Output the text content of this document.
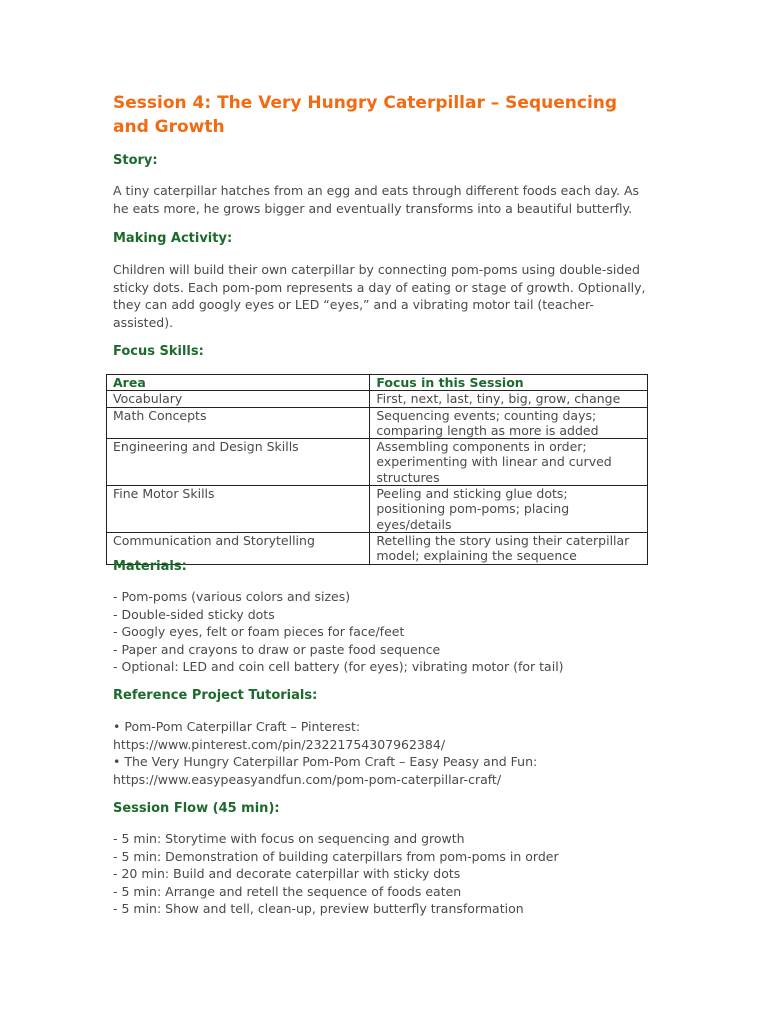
Session 4: The Very Hungry Caterpillar – Sequencing
and Growth
Story:
A tiny caterpillar hatches from an egg and eats through different foods each day. As
he eats more, he grows bigger and eventually transforms into a beautiful butterfly.
Making Activity:
Children will build their own caterpillar by connecting pom-poms using double-sided
sticky dots. Each pom-pom represents a day of eating or stage of growth. Optionally,
they can add googly eyes or LED “eyes,” and a vibrating motor tail (teacher-
assisted).
Focus Skills:
Area	Focus in this Session
Vocabulary	First, next, last, tiny, big, grow, change

Math Concepts	Sequencing events; counting days;
comparing length as more is added

Engineering and Design Skills	Assembling components in order;
experimenting with linear and curved
structures

Fine Motor Skills	Peeling and sticking glue dots;
positioning pom-poms; placing
eyes/details

Communication and Storytelling	Retelling the story using their caterpillar
model; explaining the sequence
Materials:
- Pom-poms (various colors and sizes)
- Double-sided sticky dots
- Googly eyes, felt or foam pieces for face/feet
- Paper and crayons to draw or paste food sequence
- Optional: LED and coin cell battery (for eyes); vibrating motor (for tail)
Reference Project Tutorials:
• Pom-Pom Caterpillar Craft – Pinterest:
https://www.pinterest.com/pin/23221754307962384/
• The Very Hungry Caterpillar Pom-Pom Craft – Easy Peasy and Fun:
https://www.easypeasyandfun.com/pom-pom-caterpillar-craft/
Session Flow (45 min):
- 5 min: Storytime with focus on sequencing and growth
- 5 min: Demonstration of building caterpillars from pom-poms in order
- 20 min: Build and decorate caterpillar with sticky dots
- 5 min: Arrange and retell the sequence of foods eaten
- 5 min: Show and tell, clean-up, preview butterfly transformation
